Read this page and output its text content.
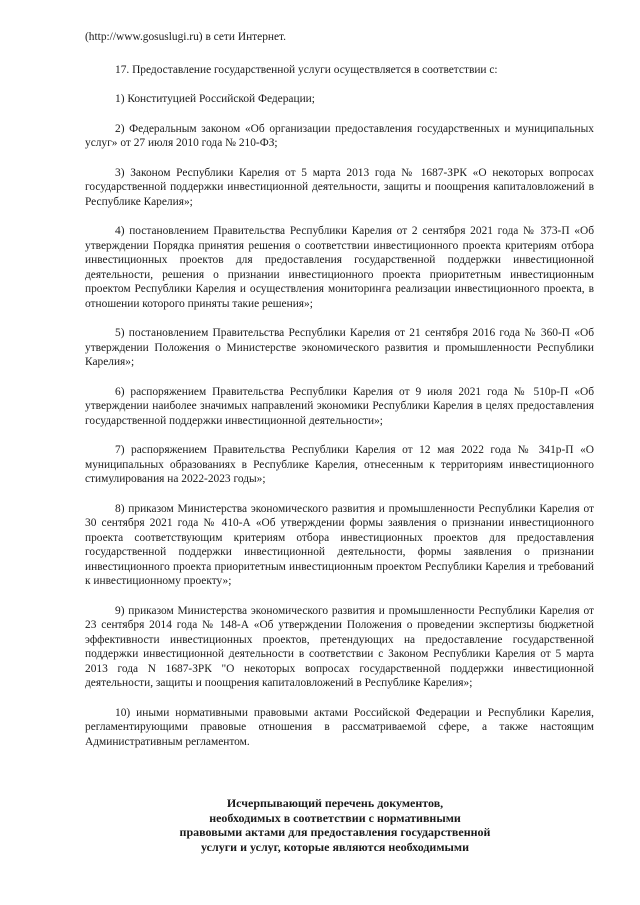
(http://www.gosuslugi.ru) в сети Интернет.

17. Предоставление государственной услуги осуществляется в соответствии с:

1) Конституцией Российской Федерации;

2) Федеральным законом «Об организации предоставления государственных и муниципальных услуг» от 27 июля 2010 года № 210-ФЗ;

3) Законом Республики Карелия от 5 марта 2013 года № 1687-ЗРК «О некоторых вопросах государственной поддержки инвестиционной деятельности, защиты и поощрения капиталовложений в Республике Карелия»;

4) постановлением Правительства Республики Карелия от 2 сентября 2021 года № 373-П «Об утверждении Порядка принятия решения о соответствии инвестиционного проекта критериям отбора инвестиционных проектов для предоставления государственной поддержки инвестиционной деятельности, решения о признании инвестиционного проекта приоритетным инвестиционным проектом Республики Карелия и осуществления мониторинга реализации инвестиционного проекта, в отношении которого приняты такие решения»;

5) постановлением Правительства Республики Карелия от 21 сентября 2016 года № 360-П «Об утверждении Положения о Министерстве экономического развития и промышленности Республики Карелия»;

6) распоряжением Правительства Республики Карелия от 9 июля 2021 года № 510р-П «Об утверждении наиболее значимых направлений экономики Республики Карелия в целях предоставления государственной поддержки инвестиционной деятельности»;

7) распоряжением Правительства Республики Карелия от 12 мая 2022 года № 341р-П «О муниципальных образованиях в Республике Карелия, отнесенным к территориям инвестиционного стимулирования на 2022-2023 годы»;

8) приказом Министерства экономического развития и промышленности Республики Карелия от 30 сентября 2021 года № 410-А «Об утверждении формы заявления о признании инвестиционного проекта соответствующим критериям отбора инвестиционных проектов для предоставления государственной поддержки инвестиционной деятельности, формы заявления о признании инвестиционного проекта приоритетным инвестиционным проектом Республики Карелия и требований к инвестиционному проекту»;

9) приказом Министерства экономического развития и промышленности Республики Карелия от 23 сентября 2014 года № 148-А «Об утверждении Положения о проведении экспертизы бюджетной эффективности инвестиционных проектов, претендующих на предоставление государственной поддержки инвестиционной деятельности в соответствии с Законом Республики Карелия от 5 марта 2013 года N 1687-ЗРК "О некоторых вопросах государственной поддержки инвестиционной деятельности, защиты и поощрения капиталовложений в Республике Карелия»;

10) иными нормативными правовыми актами Российской Федерации и Республики Карелия, регламентирующими правовые отношения в рассматриваемой сфере, а также настоящим Административным регламентом.

Исчерпывающий перечень документов,
необходимых в соответствии с нормативными
правовыми актами для предоставления государственной
услуги и услуг, которые являются необходимыми
